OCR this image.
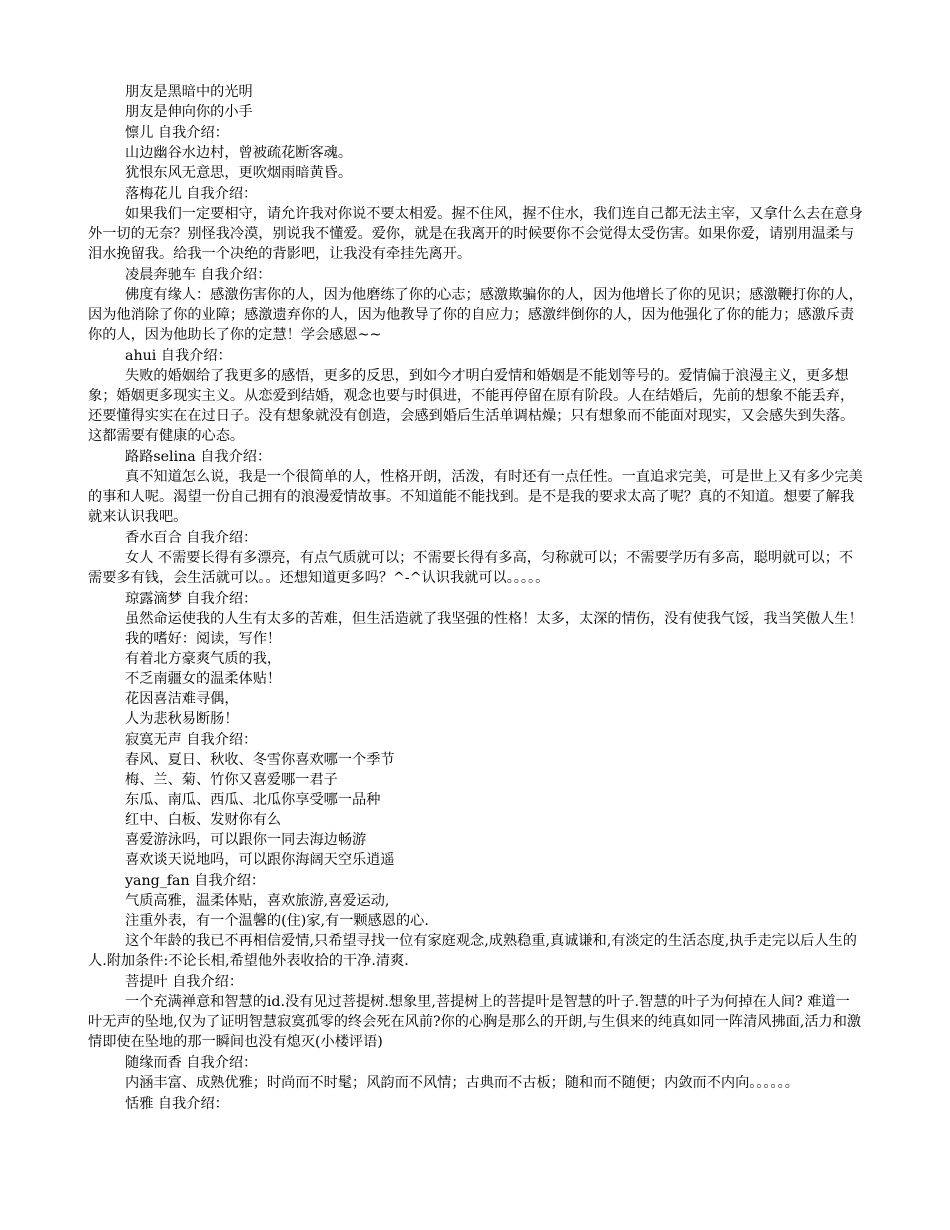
朋友是黑暗中的光明

朋友是伸向你的小手

懔儿 自我介绍：

山边幽谷水边村，曾被疏花断客魂。

犹恨东风无意思，更吹烟雨暗黄昏。

落梅花儿 自我介绍：

如果我们一定要相守，请允许我对你说不要太相爱。握不住风，握不住水，我们连自己都无法主宰，又拿什么去在意身外一切的无奈？别怪我冷漠，别说我不懂爱。爱你，就是在我离开的时候要你不会觉得太受伤害。如果你爱，请别用温柔与泪水挽留我。给我一个决绝的背影吧，让我没有牵挂先离开。

凌晨奔驰车 自我介绍：

佛度有缘人：感激伤害你的人，因为他磨练了你的心志；感激欺骗你的人，因为他增长了你的见识；感激鞭打你的人，因为他消除了你的业障；感激遗弃你的人，因为他教导了你的自应力；感激绊倒你的人，因为他强化了你的能力；感激斥责你的人，因为他助长了你的定慧！学会感恩~~

ahui 自我介绍：

失败的婚姻给了我更多的感悟，更多的反思，到如今才明白爱情和婚姻是不能划等号的。爱情偏于浪漫主义，更多想象；婚姻更多现实主义。从恋爱到结婚，观念也要与时俱进，不能再停留在原有阶段。人在结婚后，先前的想象不能丢弃，还要懂得实实在在过日子。没有想象就没有创造，会感到婚后生活单调枯燥；只有想象而不能面对现实，又会感失到失落。这都需要有健康的心态。

路路selina 自我介绍：

真不知道怎么说，我是一个很简单的人，性格开朗，活泼，有时还有一点任性。一直追求完美，可是世上又有多少完美的事和人呢。渴望一份自己拥有的浪漫爱情故事。不知道能不能找到。是不是我的要求太高了呢？真的不知道。想要了解我就来认识我吧。

香水百合 自我介绍：

女人 不需要长得有多漂亮，有点气质就可以；不需要长得有多高，匀称就可以；不需要学历有多高，聪明就可以；不需要多有钱，会生活就可以。。还想知道更多吗？^-^认识我就可以。。。。。

琼露滴梦 自我介绍：

虽然命运使我的人生有太多的苦难，但生活造就了我坚强的性格！太多，太深的情伤，没有使我气馁，我当笑傲人生！

我的嗜好：阅读，写作！

有着北方豪爽气质的我，

不乏南疆女的温柔体贴！

花因喜洁难寻偶，

人为悲秋易断肠！

寂寞无声 自我介绍：

春风、夏日、秋收、冬雪你喜欢哪一个季节

梅、兰、菊、竹你又喜爱哪一君子

东瓜、南瓜、西瓜、北瓜你享受哪一品种

红中、白板、发财你有么

喜爱游泳吗，可以跟你一同去海边畅游

喜欢谈天说地吗，可以跟你海阔天空乐逍遥

yang_fan 自我介绍：

气质高雅，温柔体贴，喜欢旅游,喜爱运动,

注重外表，有一个温馨的(住)家,有一颗感恩的心.

这个年龄的我已不再相信爱情,只希望寻找一位有家庭观念,成熟稳重,真诚谦和,有淡定的生活态度,执手走完以后人生的人.附加条件:不论长相,希望他外表收拾的干净.清爽.

菩提叶 自我介绍：

一个充满禅意和智慧的id.没有见过菩提树.想象里,菩提树上的菩提叶是智慧的叶子.智慧的叶子为何掉在人间? 难道一叶无声的坠地,仅为了证明智慧寂寞孤零的终会死在风前?你的心胸是那么的开朗,与生俱来的纯真如同一阵清风拂面,活力和激情即使在坠地的那一瞬间也没有熄灭(小楼评语)

随缘而香 自我介绍：

内涵丰富、成熟优雅；时尚而不时髦；风韵而不风情；古典而不古板；随和而不随便；内敛而不内向。。。。。。

恬雅 自我介绍：
